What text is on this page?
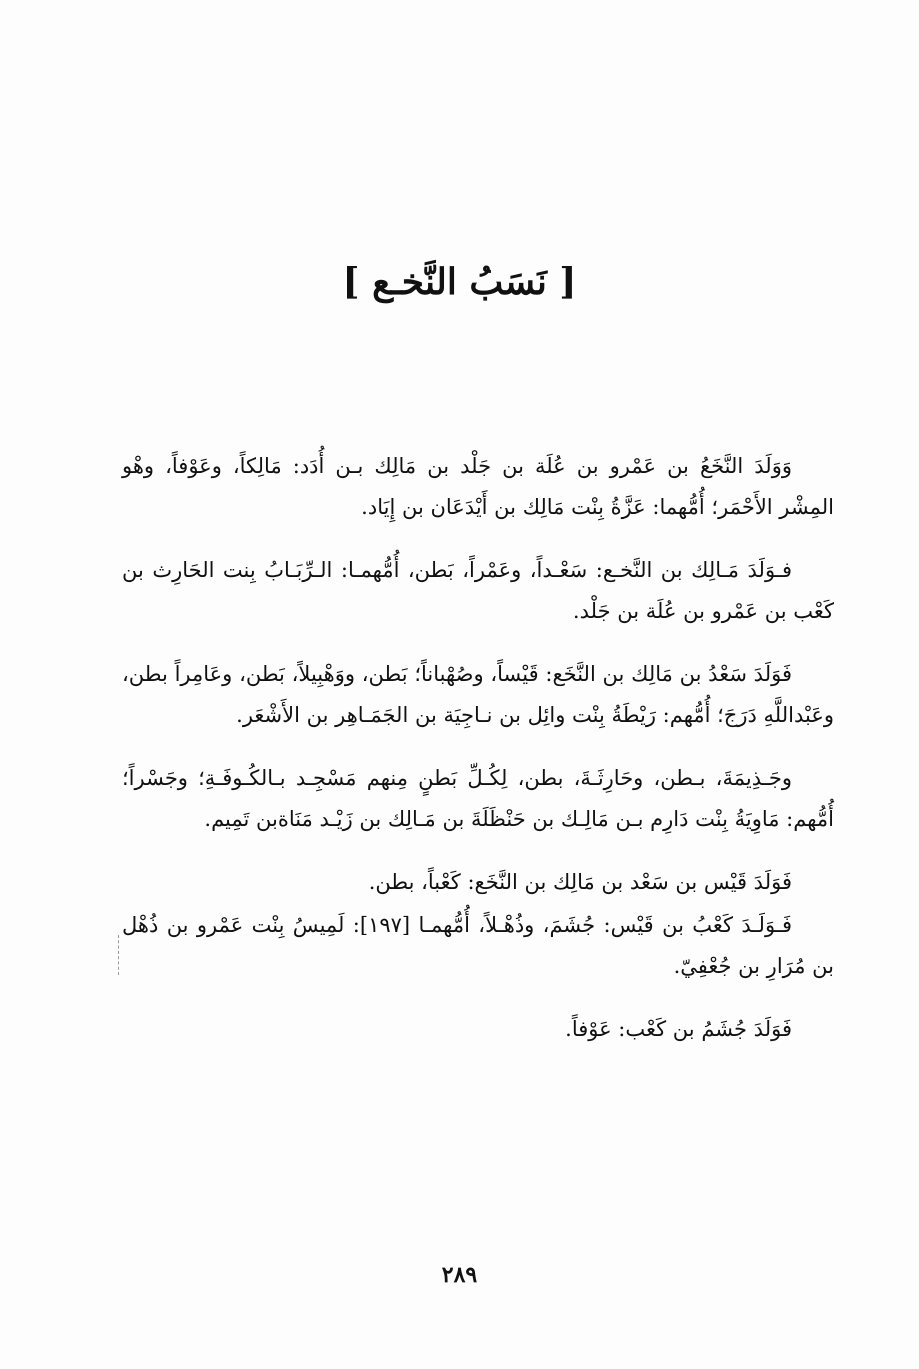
[ نَسَبُ النَّخـع ]

وَوَلَدَ النَّخَعُ بن عَمْرو بن عُلَة بن جَلْد بن مَالِك بـن أُدَد: مَالِكاً، وعَوْفاً، وهْو المِشْر الأَحْمَر؛ أُمُّهما: عَزَّةُ بِنْت مَالِك بن أَيْدَعَان بن إِيَاد.

فـوَلَدَ مَـالِك بن النَّخـع: سَعْـداً، وعَمْراً، بَطن، أُمُّهمـا: الـرِّبَـابُ بِنت الحَارِث بن كَعْب بن عَمْرو بن عُلَة بن جَلْد.

فَوَلَدَ سَعْدُ بن مَالِك بن النَّخَع: قَيْساً، وصُهْباناً؛ بَطن، ووَهْبِيلاً، بَطن، وعَامِراً بطن، وعَبْداللَّهِ دَرَجَ؛ أُمُّهم: رَيْطَةُ بِنْت وائِل بن نـاجِيَة بن الجَمَـاهِر بن الأَشْعَر.

وجَـذِيمَةَ، بـطن، وحَارِثَـةَ، بطن، لِكُـلِّ بَطنٍ مِنهم مَسْجِـد بـالكُـوفَـةِ؛ وجَسْراً؛ أُمُّهم: مَاوِيَةُ بِنْت دَارِم بـن مَالِـك بن حَنْظَلَةَ بن مَـالِك بن زَيْـد مَنَاةبن تَمِيم.

فَوَلَدَ قَيْس بن سَعْد بن مَالِك بن النَّخَع: كَعْباً، بطن.

فَـوَلَـدَ كَعْبُ بن قَيْس: جُشَمَ، وذُهْـلاً، أُمُّهمـا [١٩٧]: لَمِيسُ بِنْت عَمْرو بن ذُهْل بن مُرَارِ بن جُعْفِيّ.

فَوَلَدَ جُشَمُ بن كَعْب: عَوْفاً.

٢٨٩
